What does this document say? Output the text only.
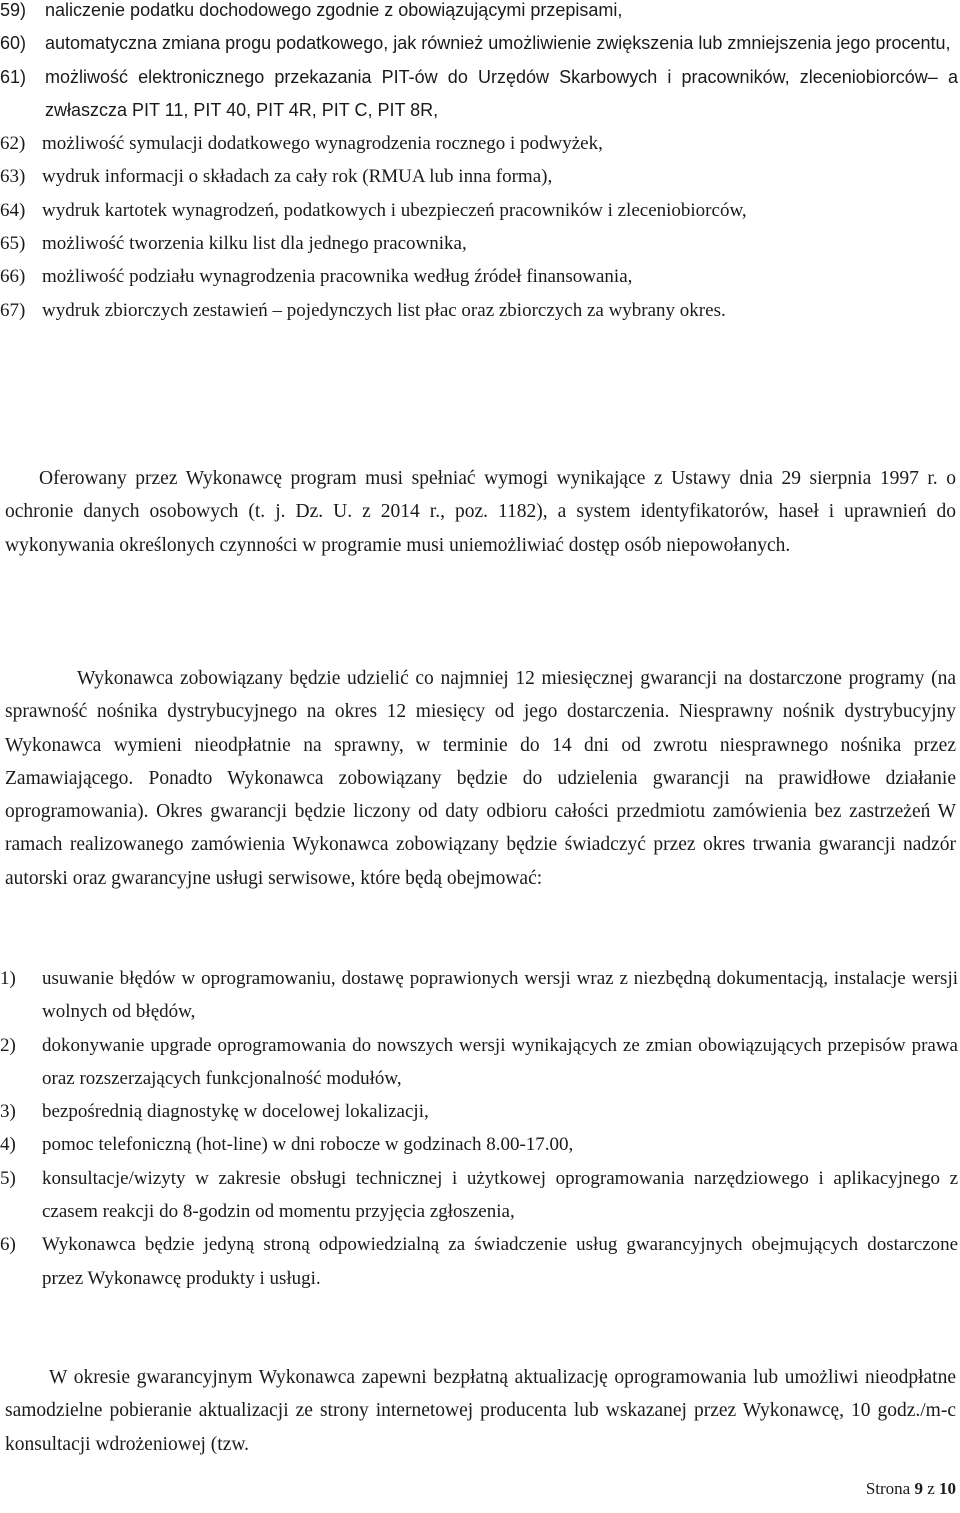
59)	naliczenie podatku dochodowego zgodnie z obowiązującymi przepisami,
60)	automatyczna zmiana progu podatkowego, jak również umożliwienie zwiększenia lub zmniejszenia jego procentu,
61)	możliwość elektronicznego przekazania PIT-ów do Urzędów Skarbowych i pracowników, zleceniobiorców– a zwłaszcza PIT 11, PIT 40, PIT 4R, PIT C, PIT 8R,
62) możliwość symulacji dodatkowego wynagrodzenia rocznego i podwyżek,
63) wydruk informacji o składach za cały rok (RMUA lub inna forma),
64) wydruk kartotek wynagrodzeń, podatkowych i ubezpieczeń pracowników i zleceniobiorców,
65) możliwość tworzenia kilku list dla jednego pracownika,
66) możliwość podziału wynagrodzenia pracownika według źródeł finansowania,
67) wydruk zbiorczych zestawień – pojedynczych list płac oraz zbiorczych za wybrany okres.

Oferowany przez Wykonawcę program musi spełniać wymogi wynikające z Ustawy dnia 29 sierpnia 1997 r. o ochronie danych osobowych (t. j. Dz. U. z 2014 r., poz. 1182), a system identyfikatorów, haseł i uprawnień do wykonywania określonych czynności w programie musi uniemożliwiać dostęp osób niepowołanych.

Wykonawca zobowiązany będzie udzielić co najmniej 12 miesięcznej gwarancji na dostarczone programy (na sprawność nośnika dystrybucyjnego na okres 12 miesięcy od jego dostarczenia. Niesprawny nośnik dystrybucyjny Wykonawca wymieni nieodpłatnie na sprawny, w terminie do 14 dni od zwrotu niesprawnego nośnika przez Zamawiającego. Ponadto Wykonawca zobowiązany będzie do udzielenia gwarancji na prawidłowe działanie oprogramowania). Okres gwarancji będzie liczony od daty odbioru całości przedmiotu zamówienia bez zastrzeżeń W ramach realizowanego zamówienia Wykonawca zobowiązany będzie świadczyć przez okres trwania gwarancji nadzór autorski oraz gwarancyjne usługi serwisowe, które będą obejmować:

1)	usuwanie błędów w oprogramowaniu, dostawę poprawionych wersji wraz z niezbędną dokumentacją, instalacje wersji wolnych od błędów,
2)	dokonywanie upgrade oprogramowania do nowszych wersji wynikających ze zmian obowiązujących przepisów prawa oraz rozszerzających funkcjonalność modułów,
3)	bezpośrednią diagnostykę w docelowej lokalizacji,
4)	pomoc telefoniczną (hot-line) w dni robocze w godzinach 8.00-17.00,
5)	konsultacje/wizyty w zakresie obsługi technicznej i użytkowej oprogramowania narzędziowego i aplikacyjnego z czasem reakcji do 8-godzin od momentu przyjęcia zgłoszenia,
6)	Wykonawca będzie jedyną stroną odpowiedzialną za świadczenie usług gwarancyjnych obejmujących dostarczone przez Wykonawcę produkty i usługi.

W okresie gwarancyjnym Wykonawca zapewni bezpłatną aktualizację oprogramowania lub umożliwi nieodpłatne samodzielne pobieranie aktualizacji ze strony internetowej producenta lub wskazanej przez Wykonawcę, 10 godz./m-c konsultacji wdrożeniowej (tzw.

Strona 9 z 10
